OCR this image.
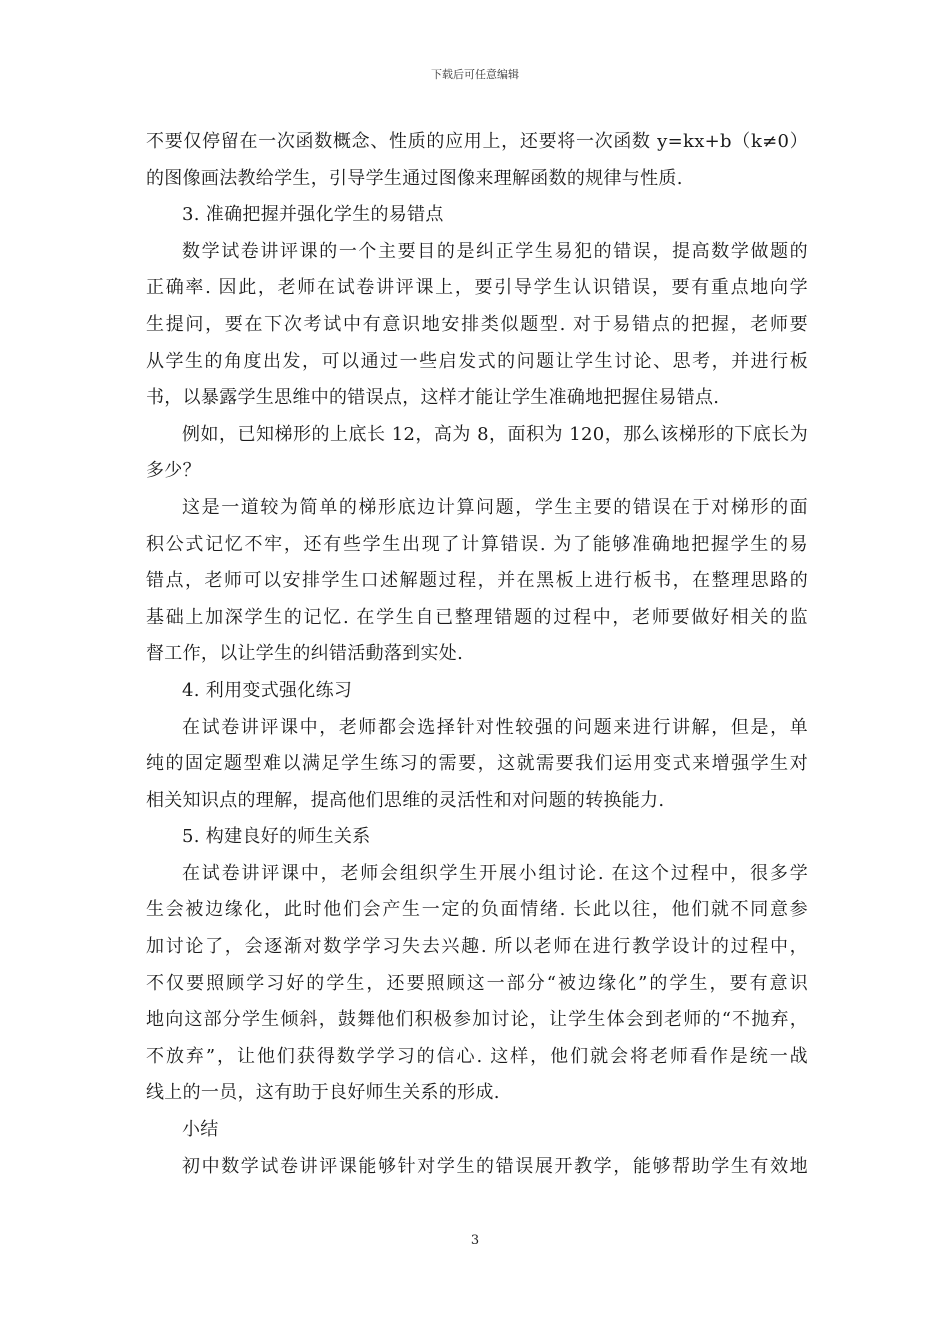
下载后可任意编辑
不要仅停留在一次函数概念、性质的应用上，还要将一次函数 y=kx+b（k≠0）
的图像画法教给学生，引导学生通过图像来理解函数的规律与性质.
3. 准确把握并强化学生的易错点
数学试卷讲评课的一个主要目的是纠正学生易犯的错误，提高数学做题的
正确率. 因此，老师在试卷讲评课上，要引导学生认识错误，要有重点地向学
生提问，要在下次考试中有意识地安排类似题型. 对于易错点的把握，老师要
从学生的角度出发，可以通过一些启发式的问题让学生讨论、思考，并进行板
书，以暴露学生思维中的错误点，这样才能让学生准确地把握住易错点.
例如，已知梯形的上底长 12，高为 8，面积为 120，那么该梯形的下底长为
多少？
这是一道较为简单的梯形底边计算问题，学生主要的错误在于对梯形的面
积公式记忆不牢，还有些学生出现了计算错误. 为了能够准确地把握学生的易
错点，老师可以安排学生口述解题过程，并在黑板上进行板书，在整理思路的
基础上加深学生的记忆. 在学生自已整理错题的过程中，老师要做好相关的监
督工作，以让学生的纠错活動落到实处.
4. 利用变式强化练习
在试卷讲评课中，老师都会选择针对性较强的问题来进行讲解，但是，单
纯的固定题型难以满足学生练习的需要，这就需要我们运用变式来增强学生对
相关知识点的理解，提高他们思维的灵活性和对问题的转换能力.
5. 构建良好的师生关系
在试卷讲评课中，老师会组织学生开展小组讨论. 在这个过程中，很多学
生会被边缘化，此时他们会产生一定的负面情绪. 长此以往，他们就不同意参
加讨论了，会逐渐对数学学习失去兴趣. 所以老师在进行教学设计的过程中，
不仅要照顾学习好的学生，还要照顾这一部分“被边缘化”的学生，要有意识
地向这部分学生倾斜，鼓舞他们积极参加讨论，让学生体会到老师的“不抛弃，
不放弃”，让他们获得数学学习的信心. 这样，他们就会将老师看作是统一战
线上的一员，这有助于良好师生关系的形成.
小结
初中数学试卷讲评课能够针对学生的错误展开教学，能够帮助学生有效地
3
